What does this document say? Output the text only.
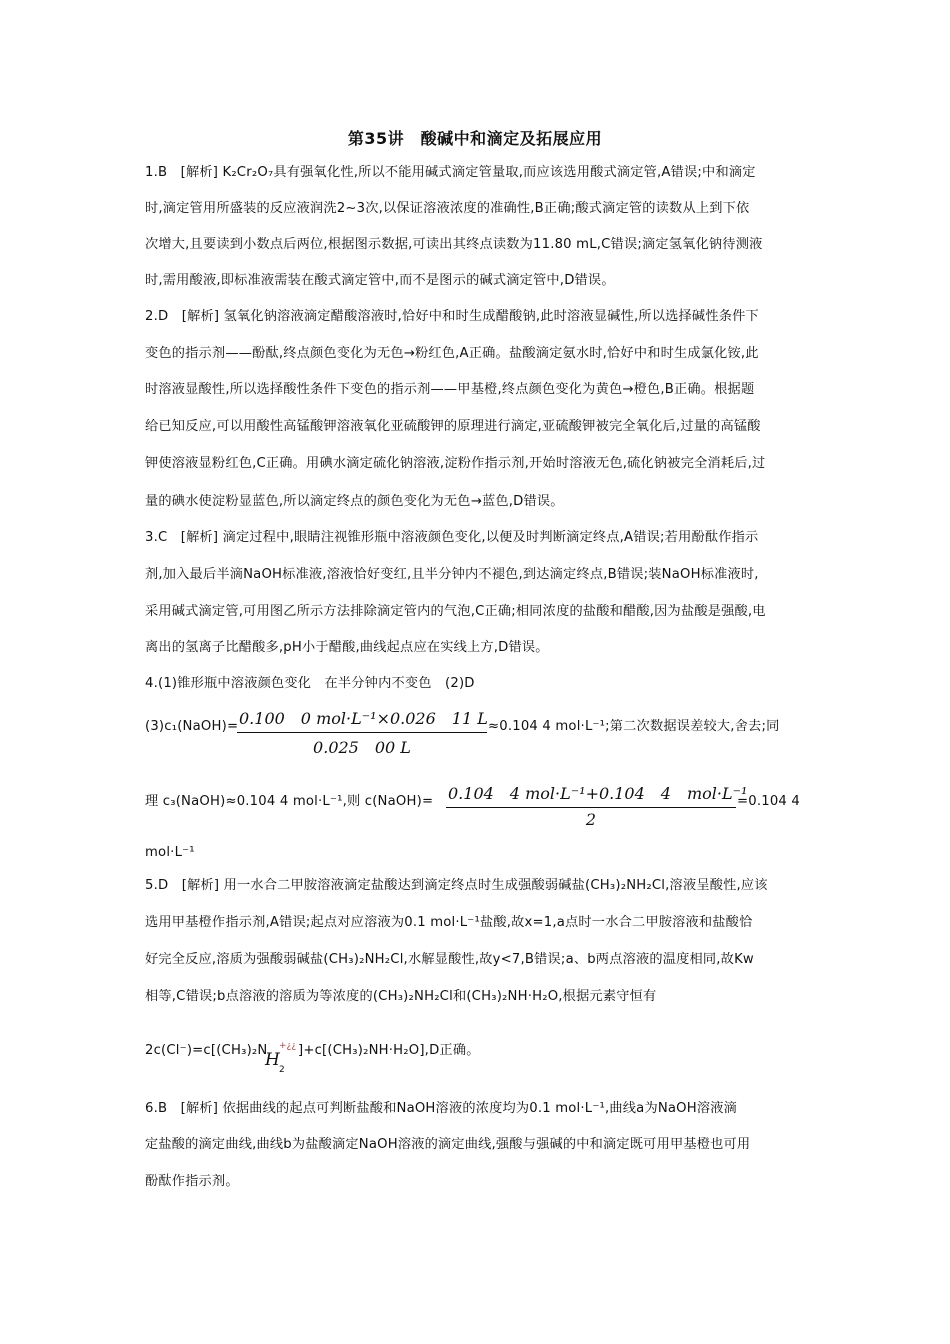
第35讲　酸碱中和滴定及拓展应用
1.B　[解析] K₂Cr₂O₇具有强氧化性,所以不能用碱式滴定管量取,而应该选用酸式滴定管,A错误;中和滴定
时,滴定管用所盛装的反应液润洗2~3次,以保证溶液浓度的准确性,B正确;酸式滴定管的读数从上到下依
次增大,且要读到小数点后两位,根据图示数据,可读出其终点读数为11.80 mL,C错误;滴定氢氧化钠待测液
时,需用酸液,即标准液需装在酸式滴定管中,而不是图示的碱式滴定管中,D错误。
2.D　[解析] 氢氧化钠溶液滴定醋酸溶液时,恰好中和时生成醋酸钠,此时溶液显碱性,所以选择碱性条件下
变色的指示剂——酚酞,终点颜色变化为无色→粉红色,A正确。盐酸滴定氨水时,恰好中和时生成氯化铵,此
时溶液显酸性,所以选择酸性条件下变色的指示剂——甲基橙,终点颜色变化为黄色→橙色,B正确。根据题
给已知反应,可以用酸性高锰酸钾溶液氧化亚硫酸钾的原理进行滴定,亚硫酸钾被完全氧化后,过量的高锰酸
钾使溶液显粉红色,C正确。用碘水滴定硫化钠溶液,淀粉作指示剂,开始时溶液无色,硫化钠被完全消耗后,过
量的碘水使淀粉显蓝色,所以滴定终点的颜色变化为无色→蓝色,D错误。
3.C　[解析] 滴定过程中,眼睛注视锥形瓶中溶液颜色变化,以便及时判断滴定终点,A错误;若用酚酞作指示
剂,加入最后半滴NaOH标准液,溶液恰好变红,且半分钟内不褪色,到达滴定终点,B错误;装NaOH标准液时,
采用碱式滴定管,可用图乙所示方法排除滴定管内的气泡,C正确;相同浓度的盐酸和醋酸,因为盐酸是强酸,电
离出的氢离子比醋酸多,pH小于醋酸,曲线起点应在实线上方,D错误。
4.(1)锥形瓶中溶液颜色变化　在半分钟内不变色　(2)D
(3)c₁(NaOH)= 0.100　0 mol·L⁻¹×0.026　11 L
0.025　00 L
≈0.104 4 mol·L⁻¹;第二次数据误差较大,舍去;同
理 c₃(NaOH)≈0.104 4 mol·L⁻¹,则 c(NaOH)= 0.104　4 mol·L⁻¹+0.104　4　mol·L⁻¹
2
=0.104 4
mol·L⁻¹
5.D　[解析] 用一水合二甲胺溶液滴定盐酸达到滴定终点时生成强酸弱碱盐(CH₃)₂NH₂Cl,溶液呈酸性,应该
选用甲基橙作指示剂,A错误;起点对应溶液为0.1 mol·L⁻¹盐酸,故x=1,a点时一水合二甲胺溶液和盐酸恰
好完全反应,溶质为强酸弱碱盐(CH₃)₂NH₂Cl,水解显酸性,故y<7,B错误;a、b两点溶液的温度相同,故Kw
相等,C错误;b点溶液的溶质为等浓度的(CH₃)₂NH₂Cl和(CH₃)₂NH·H₂O,根据元素守恒有
2c(Cl⁻)=c[(CH₃)₂N
H
+¿¿
2
]+c[(CH₃)₂NH·H₂O],D正确。
6.B　[解析] 依据曲线的起点可判断盐酸和NaOH溶液的浓度均为0.1 mol·L⁻¹,曲线a为NaOH溶液滴
定盐酸的滴定曲线,曲线b为盐酸滴定NaOH溶液的滴定曲线,强酸与强碱的中和滴定既可用甲基橙也可用
酚酞作指示剂。
